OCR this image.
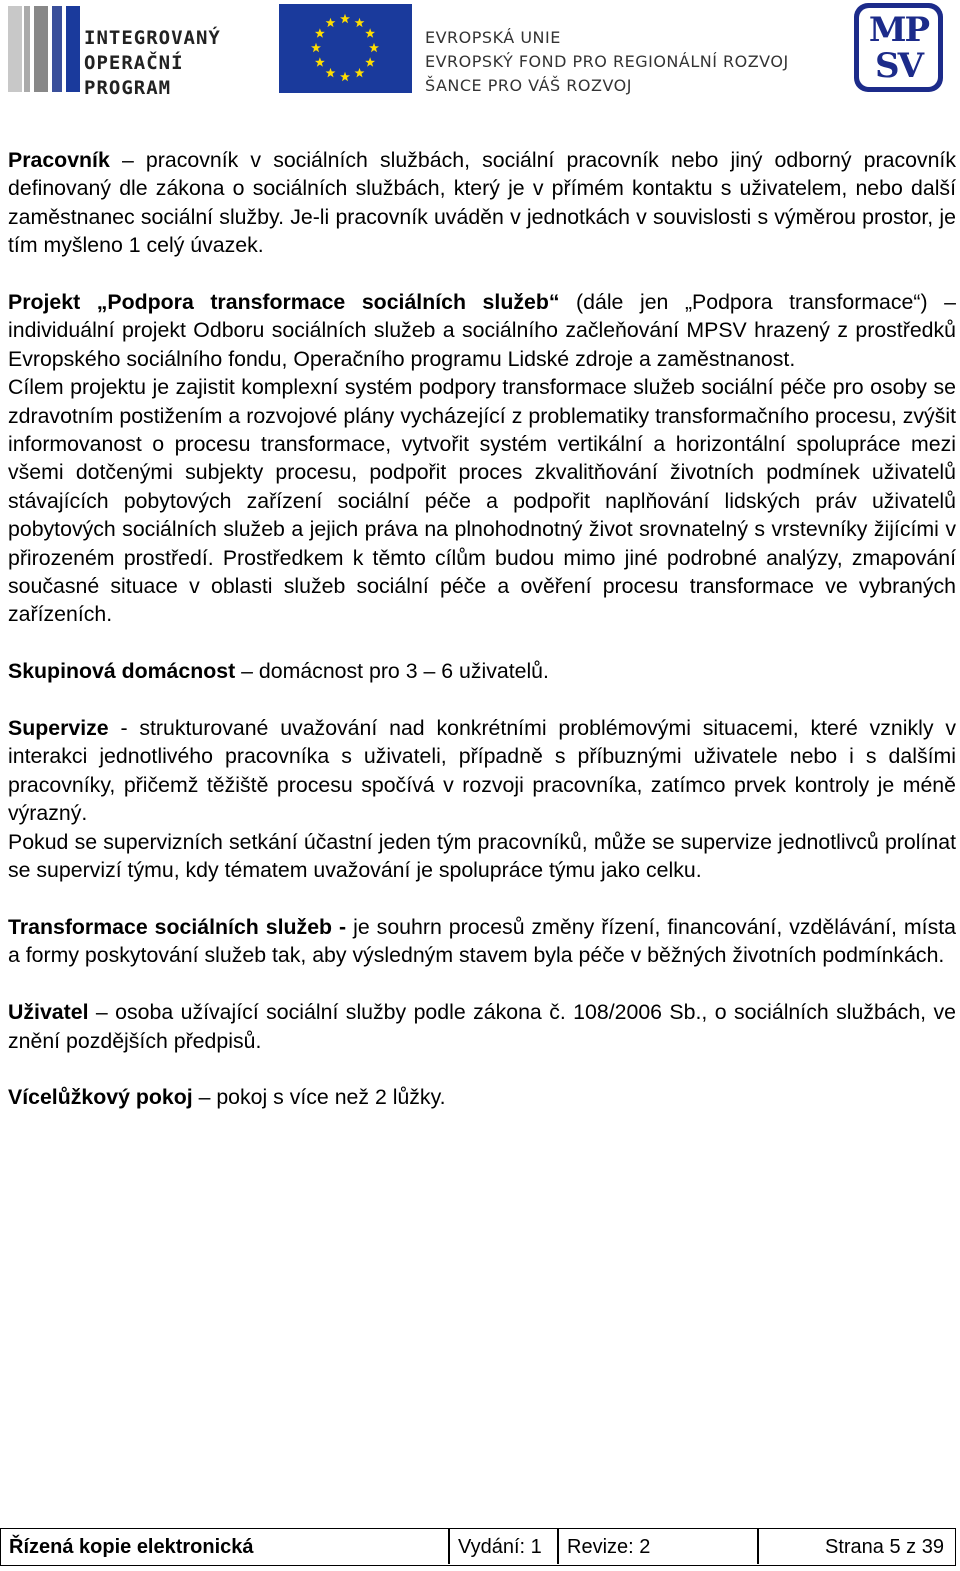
INTEGROVANÝ
OPERAČNÍ
PROGRAM
EVROPSKÁ UNIE
EVROPSKÝ FOND PRO REGIONÁLNÍ ROZVOJ
ŠANCE PRO VÁŠ ROZVOJ
MP
SV

Pracovník – pracovník v sociálních službách, sociální pracovník nebo jiný odborný pracovník definovaný dle zákona o sociálních službách, který je v přímém kontaktu s uživatelem, nebo další zaměstnanec sociální služby. Je-li pracovník uváděn v jednotkách v souvislosti s výměrou prostor, je tím myšleno 1 celý úvazek.

Projekt „Podpora transformace sociálních služeb“ (dále jen „Podpora transformace“) – individuální projekt Odboru sociálních služeb a sociálního začleňování MPSV hrazený z prostředků Evropského sociálního fondu, Operačního programu Lidské zdroje a zaměstnanost.

Cílem projektu je zajistit komplexní systém podpory transformace služeb sociální péče pro osoby se zdravotním postižením a rozvojové plány vycházející z problematiky transformačního procesu, zvýšit informovanost o procesu transformace, vytvořit systém vertikální a horizontální spolupráce mezi všemi dotčenými subjekty procesu, podpořit proces zkvalitňování životních podmínek uživatelů stávajících pobytových zařízení sociální péče a podpořit naplňování lidských práv uživatelů pobytových sociálních služeb a jejich práva na plnohodnotný život srovnatelný s vrstevníky žijícími v přirozeném prostředí. Prostředkem k těmto cílům budou mimo jiné podrobné analýzy, zmapování současné situace v oblasti služeb sociální péče a ověření procesu transformace ve vybraných zařízeních.

Skupinová domácnost – domácnost pro 3 – 6 uživatelů.

Supervize - strukturované uvažování nad konkrétními problémovými situacemi, které vznikly v interakci jednotlivého pracovníka s uživateli, případně s příbuznými uživatele nebo i s dalšími pracovníky, přičemž těžiště procesu spočívá v rozvoji pracovníka, zatímco prvek kontroly je méně výrazný.

Pokud se supervizních setkání účastní jeden tým pracovníků, může se supervize jednotlivců prolínat se supervizí týmu, kdy tématem uvažování je spolupráce týmu jako celku.

Transformace sociálních služeb - je souhrn procesů změny řízení, financování, vzdělávání, místa a formy poskytování služeb tak, aby výsledným stavem byla péče v běžných životních podmínkách.

Uživatel – osoba užívající sociální služby podle zákona č. 108/2006 Sb., o sociálních službách, ve znění pozdějších předpisů.

Vícelůžkový pokoj – pokoj s více než 2 lůžky.

Řízená kopie elektronická	Vydání: 1 Revize: 2	Strana 5 z 39
